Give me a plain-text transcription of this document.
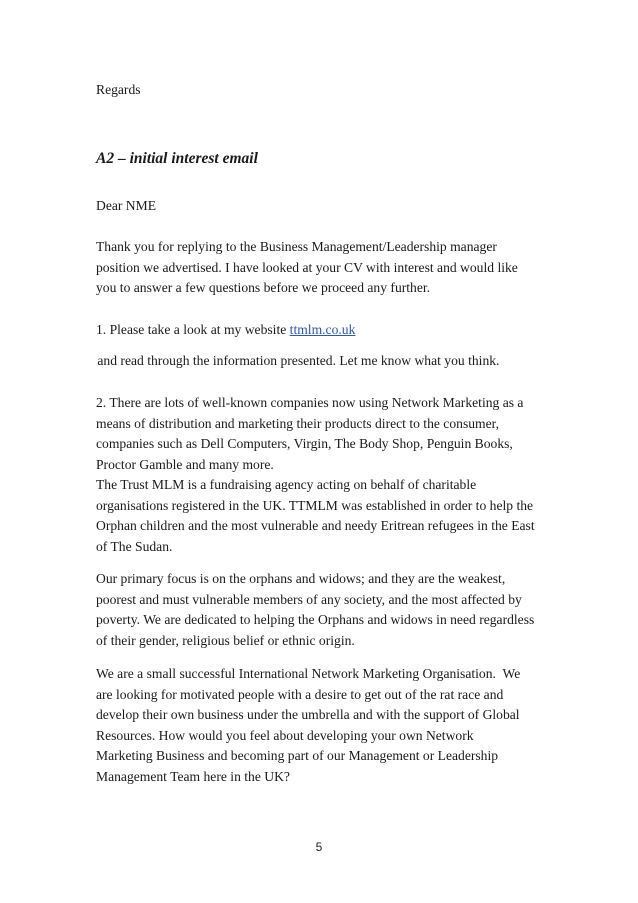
Regards
A2 – initial interest email
Dear NME
Thank you for replying to the Business Management/Leadership manager
position we advertised. I have looked at your CV with interest and would like
you to answer a few questions before we proceed any further.
1. Please take a look at my website ttmlm.co.uk
and read through the information presented. Let me know what you think.
2. There are lots of well-known companies now using Network Marketing as a
means of distribution and marketing their products direct to the consumer,
companies such as Dell Computers, Virgin, The Body Shop, Penguin Books,
Proctor Gamble and many more.
The Trust MLM is a fundraising agency acting on behalf of charitable
organisations registered in the UK. TTMLM was established in order to help the
Orphan children and the most vulnerable and needy Eritrean refugees in the East
of The Sudan.
Our primary focus is on the orphans and widows; and they are the weakest,
poorest and must vulnerable members of any society, and the most affected by
poverty. We are dedicated to helping the Orphans and widows in need regardless
of their gender, religious belief or ethnic origin.
We are a small successful International Network Marketing Organisation.  We
are looking for motivated people with a desire to get out of the rat race and
develop their own business under the umbrella and with the support of Global
Resources. How would you feel about developing your own Network
Marketing Business and becoming part of our Management or Leadership
Management Team here in the UK?
5
